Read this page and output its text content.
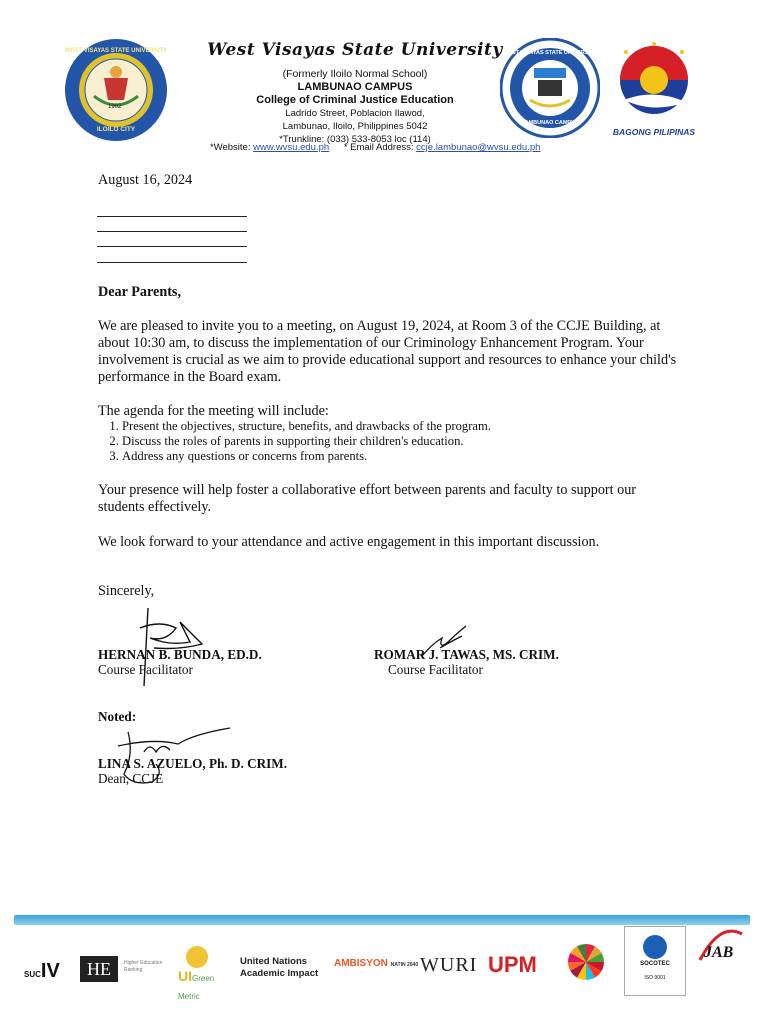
WEST VISAYAS STATE UNIVERSITY
1902
ILOILO CITY
West Visayas State University
(Formerly Iloilo Normal School)
LAMBUNAO CAMPUS
College of Criminal Justice Education
Ladrido Street, Poblacion Ilawod,
Lambunao, Iloilo, Philippines 5042
*Trunkline: (033) 533-8053 loc (114)
*Website: www.wvsu.edu.ph * Email Address: ccje.lambunao@wvsu.edu.ph
WEST VISAYAS STATE UNIVERSITY
LAMBUNAO CAMPUS
BAGONG PILIPINAS
August 16, 2024
Dear Parents,
We are pleased to invite you to a meeting, on August 19, 2024, at Room 3 of the CCJE Building, at about 10:30 am, to discuss the implementation of our Criminology Enhancement Program. Your involvement is crucial as we aim to provide educational support and resources to enhance your child's performance in the Board exam.
The agenda for the meeting will include:
1. Present the objectives, structure, benefits, and drawbacks of the program.
2. Discuss the roles of parents in supporting their children's education.
3. Address any questions or concerns from parents.
Your presence will help foster a collaborative effort between parents and faculty to support our students effectively.
We look forward to your attendance and active engagement in this important discussion.
Sincerely,
HERNAN B. BUNDA, ED.D.
Course Facilitator
ROMAR J. TAWAS, MS. CRIM.
Course Facilitator
Noted:
LINA S. AZUELO, Ph. D. CRIM.
Dean, CCJE
SUCIV	HE	Higher Education Ranking	UIGreen Metric
United Nations
Academic Impact
AMBISYON NATIN 2040 WURI UPM	SOCOTEC
ISO 9001
JAB
